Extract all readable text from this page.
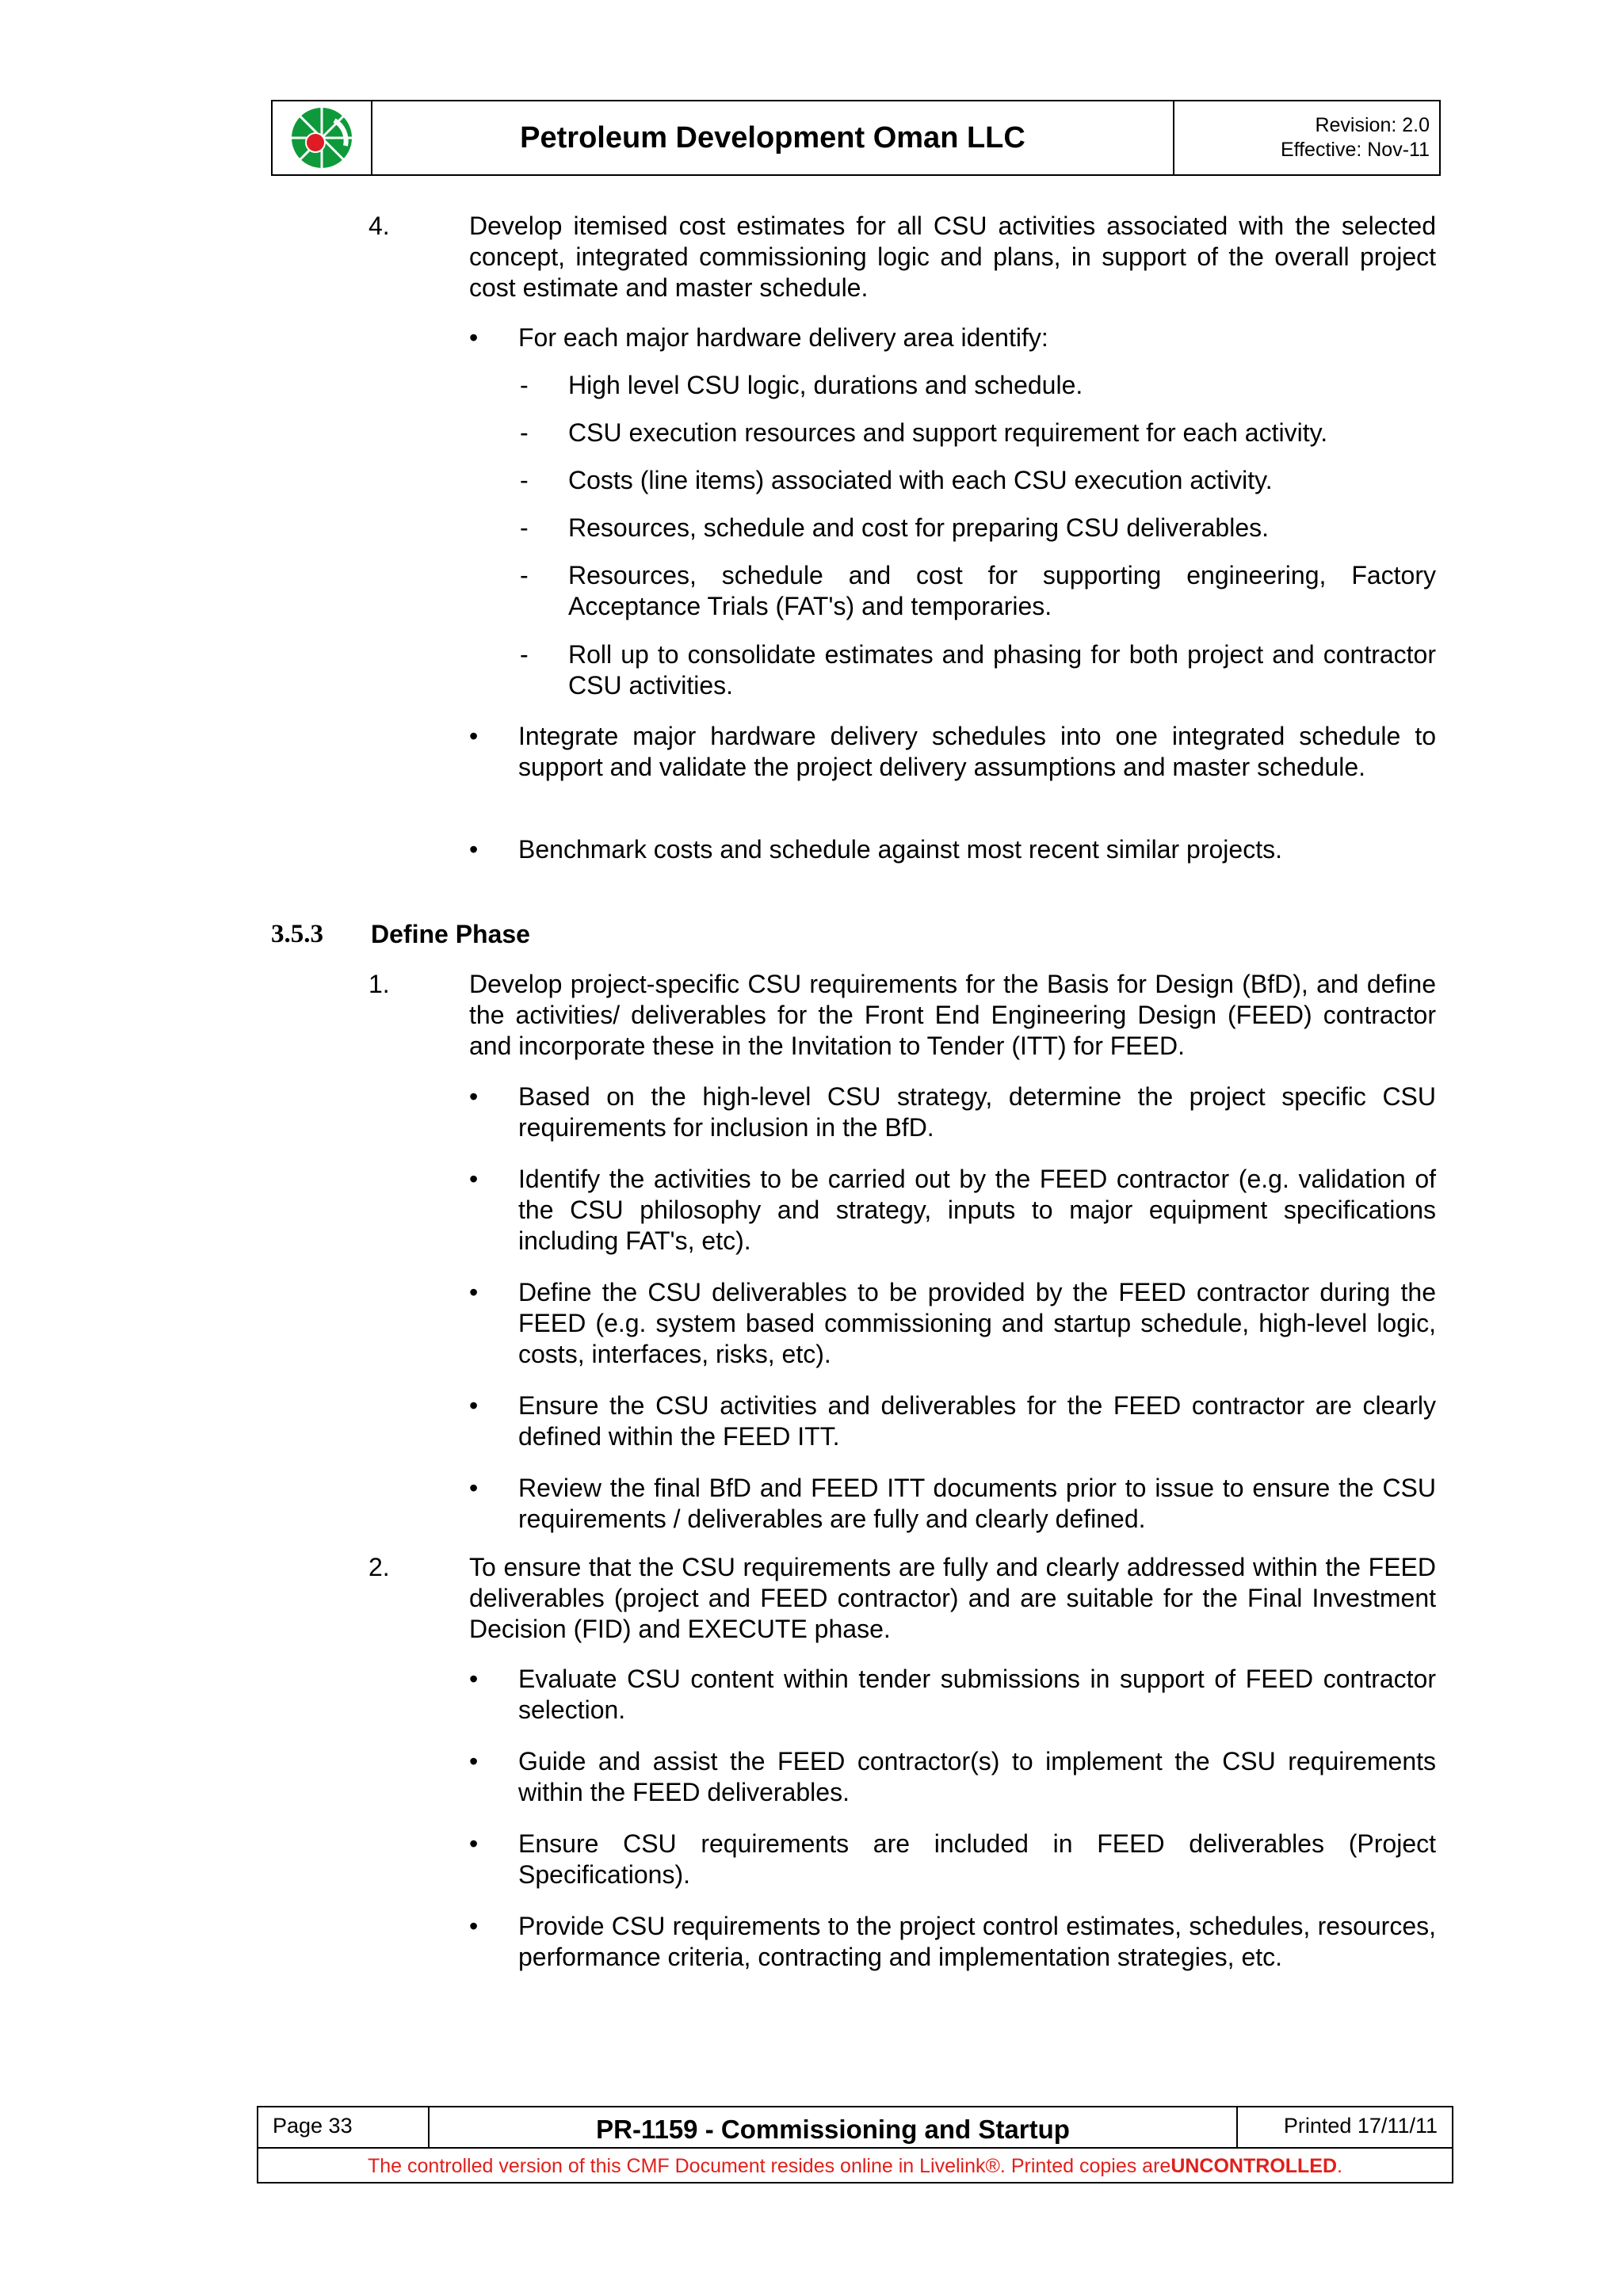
Petroleum Development Oman LLC	Revision: 2.0
Effective: Nov-11
4.	Develop itemised cost estimates for all CSU activities associated with the selected concept, integrated commissioning logic and plans, in support of the overall project cost estimate and master schedule.
• For each major hardware delivery area identify:
- High level CSU logic, durations and schedule.
- CSU execution resources and support requirement for each activity.
- Costs (line items) associated with each CSU execution activity.
- Resources, schedule and cost for preparing CSU deliverables.
- Resources, schedule and cost for supporting engineering, Factory Acceptance Trials (FAT's) and temporaries.
- Roll up to consolidate estimates and phasing for both project and contractor CSU activities.
• Integrate major hardware delivery schedules into one integrated schedule to support and validate the project delivery assumptions and master schedule.
• Benchmark costs and schedule against most recent similar projects.
3.5.3 Define Phase
1.	Develop project-specific CSU requirements for the Basis for Design (BfD), and define the activities/ deliverables for the Front End Engineering Design (FEED) contractor and incorporate these in the Invitation to Tender (ITT) for FEED.
• Based on the high-level CSU strategy, determine the project specific CSU requirements for inclusion in the BfD.
• Identify the activities to be carried out by the FEED contractor (e.g. validation of the CSU philosophy and strategy, inputs to major equipment specifications including FAT's, etc).
• Define the CSU deliverables to be provided by the FEED contractor during the FEED (e.g. system based commissioning and startup schedule, high-level logic, costs, interfaces, risks, etc).
• Ensure the CSU activities and deliverables for the FEED contractor are clearly defined within the FEED ITT.
• Review the final BfD and FEED ITT documents prior to issue to ensure the CSU requirements / deliverables are fully and clearly defined.
2.	To ensure that the CSU requirements are fully and clearly addressed within the FEED deliverables (project and FEED contractor) and are suitable for the Final Investment Decision (FID) and EXECUTE phase.
• Evaluate CSU content within tender submissions in support of FEED contractor selection.
• Guide and assist the FEED contractor(s) to implement the CSU requirements within the FEED deliverables.
• Ensure CSU requirements are included in FEED deliverables (Project Specifications).
• Provide CSU requirements to the project control estimates, schedules, resources, performance criteria, contracting and implementation strategies, etc.
Page 33	PR-1159 - Commissioning and Startup	Printed 17/11/11
The controlled version of this CMF Document resides online in Livelink®. Printed copies are UNCONTROLLED .
